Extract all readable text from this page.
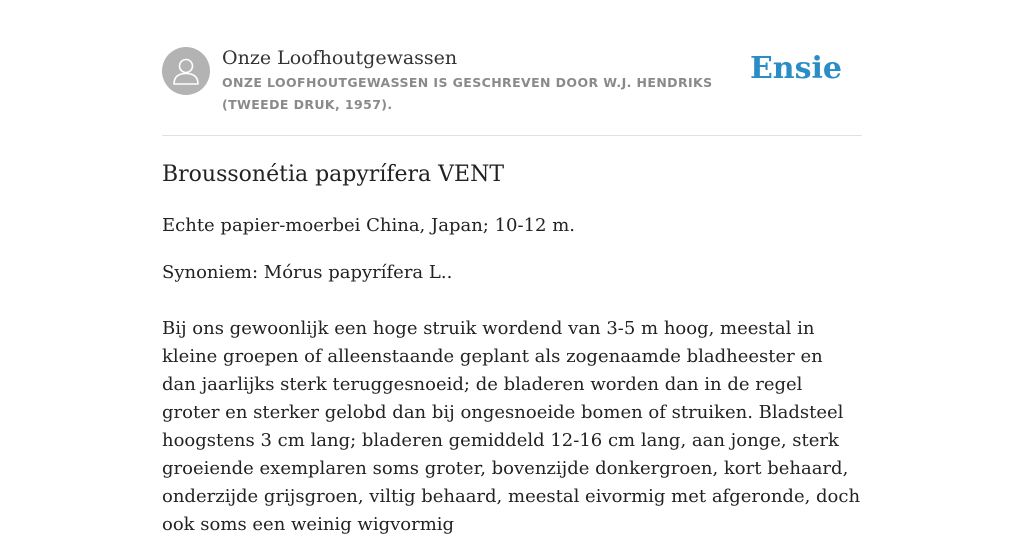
Onze Loofhoutgewassen
ONZE LOOFHOUTGEWASSEN IS GESCHREVEN DOOR W.J. HENDRIKS (TWEEDE DRUK, 1957).
Ensie
Broussonétia papyrífera VENT

Echte papier-moerbei China, Japan; 10-12 m.

Synoniem: Mórus papyrífera L..

Bij ons gewoonlijk een hoge struik wordend van 3-5 m hoog, meestal in kleine groepen of alleenstaande geplant als zogenaamde bladheester en dan jaarlijks sterk teruggesnoeid; de bladeren worden dan in de regel groter en sterker gelobd dan bij ongesnoeide bomen of struiken. Bladsteel hoogstens 3 cm lang; bladeren gemiddeld 12-16 cm lang, aan jonge, sterk groeiende exemplaren soms groter, bovenzijde donkergroen, kort behaard, onderzijde grijsgroen, viltig behaard, meestal eivormig met afgeronde, doch ook soms een weinig wigvormig
